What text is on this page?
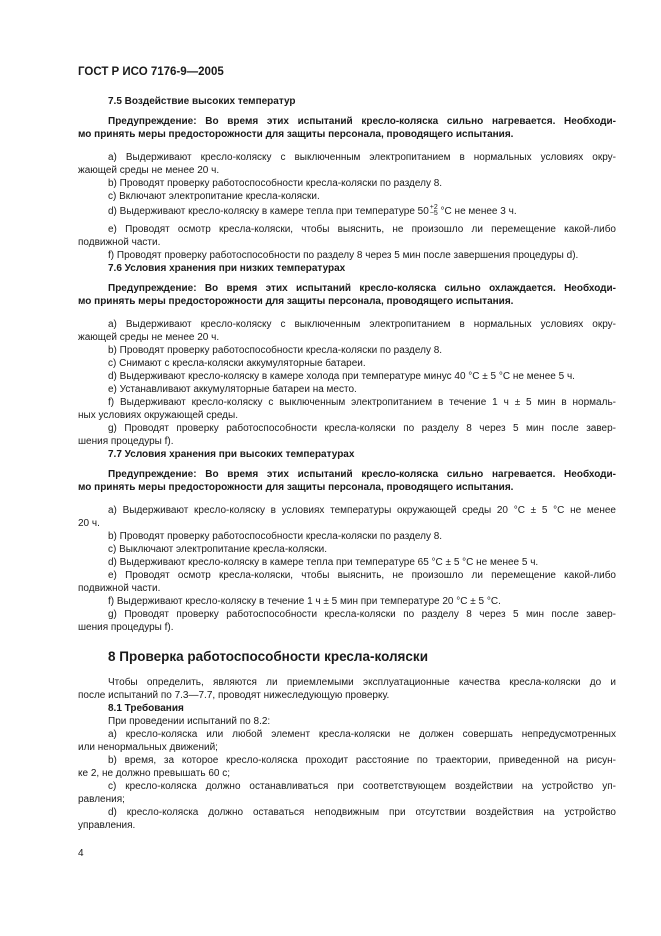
ГОСТ Р ИСО 7176-9—2005
7.5 Воздействие высоких температур
Предупреждение: Во время этих испытаний кресло-коляска сильно нагревается. Необходи-
мо принять меры предосторожности для защиты персонала, проводящего испытания.
a) Выдерживают кресло-коляску с выключенным электропитанием в нормальных условиях окру-
жающей среды не менее 20 ч.
b) Проводят проверку работоспособности кресла-коляски по разделу 8.
c) Включают электропитание кресла-коляски.
d) Выдерживают кресло-коляску в камере тепла при температуре 50+2
−5 °C не менее 3 ч.
e) Проводят осмотр кресла-коляски, чтобы выяснить, не произошло ли перемещение какой-либо
подвижной части.
f) Проводят проверку работоспособности по разделу 8 через 5 мин после завершения процедуры d).
7.6 Условия хранения при низких температурах
Предупреждение: Во время этих испытаний кресло-коляска сильно охлаждается. Необходи-
мо принять меры предосторожности для защиты персонала, проводящего испытания.
a) Выдерживают кресло-коляску с выключенным электропитанием в нормальных условиях окру-
жающей среды не менее 20 ч.
b) Проводят проверку работоспособности кресла-коляски по разделу 8.
c) Снимают с кресла-коляски аккумуляторные батареи.
d) Выдерживают кресло-коляску в камере холода при температуре минус 40 °С ± 5 °С не менее 5 ч.
e) Устанавливают аккумуляторные батареи на место.
f) Выдерживают кресло-коляску с выключенным электропитанием в течение 1 ч ± 5 мин в нормаль-
ных условиях окружающей среды.
g) Проводят проверку работоспособности кресла-коляски по разделу 8 через 5 мин после завер-
шения процедуры f).
7.7 Условия хранения при высоких температурах
Предупреждение: Во время этих испытаний кресло-коляска сильно нагревается. Необходи-
мо принять меры предосторожности для защиты персонала, проводящего испытания.
a) Выдерживают кресло-коляску в условиях температуры окружающей среды 20 °С ± 5 °С не менее
20 ч.
b) Проводят проверку работоспособности кресла-коляски по разделу 8.
c) Выключают электропитание кресла-коляски.
d) Выдерживают кресло-коляску в камере тепла при температуре 65 °С ± 5 °С не менее 5 ч.
e) Проводят осмотр кресла-коляски, чтобы выяснить, не произошло ли перемещение какой-либо
подвижной части.
f) Выдерживают кресло-коляску в течение 1 ч ± 5 мин при температуре 20 °С ± 5 °С.
g) Проводят проверку работоспособности кресла-коляски по разделу 8 через 5 мин после завер-
шения процедуры f).
8 Проверка работоспособности кресла-коляски
Чтобы определить, являются ли приемлемыми эксплуатационные качества кресла-коляски до и
после испытаний по 7.3—7.7, проводят нижеследующую проверку.
8.1 Требования
При проведении испытаний по 8.2:
a) кресло-коляска или любой элемент кресла-коляски не должен совершать непредусмотренных
или ненормальных движений;
b) время, за которое кресло-коляска проходит расстояние по траектории, приведенной на рисун-
ке 2, не должно превышать 60 с;
c) кресло-коляска должно останавливаться при соответствующем воздействии на устройство уп-
равления;
d) кресло-коляска должно оставаться неподвижным при отсутствии воздействия на устройство
управления.
4
